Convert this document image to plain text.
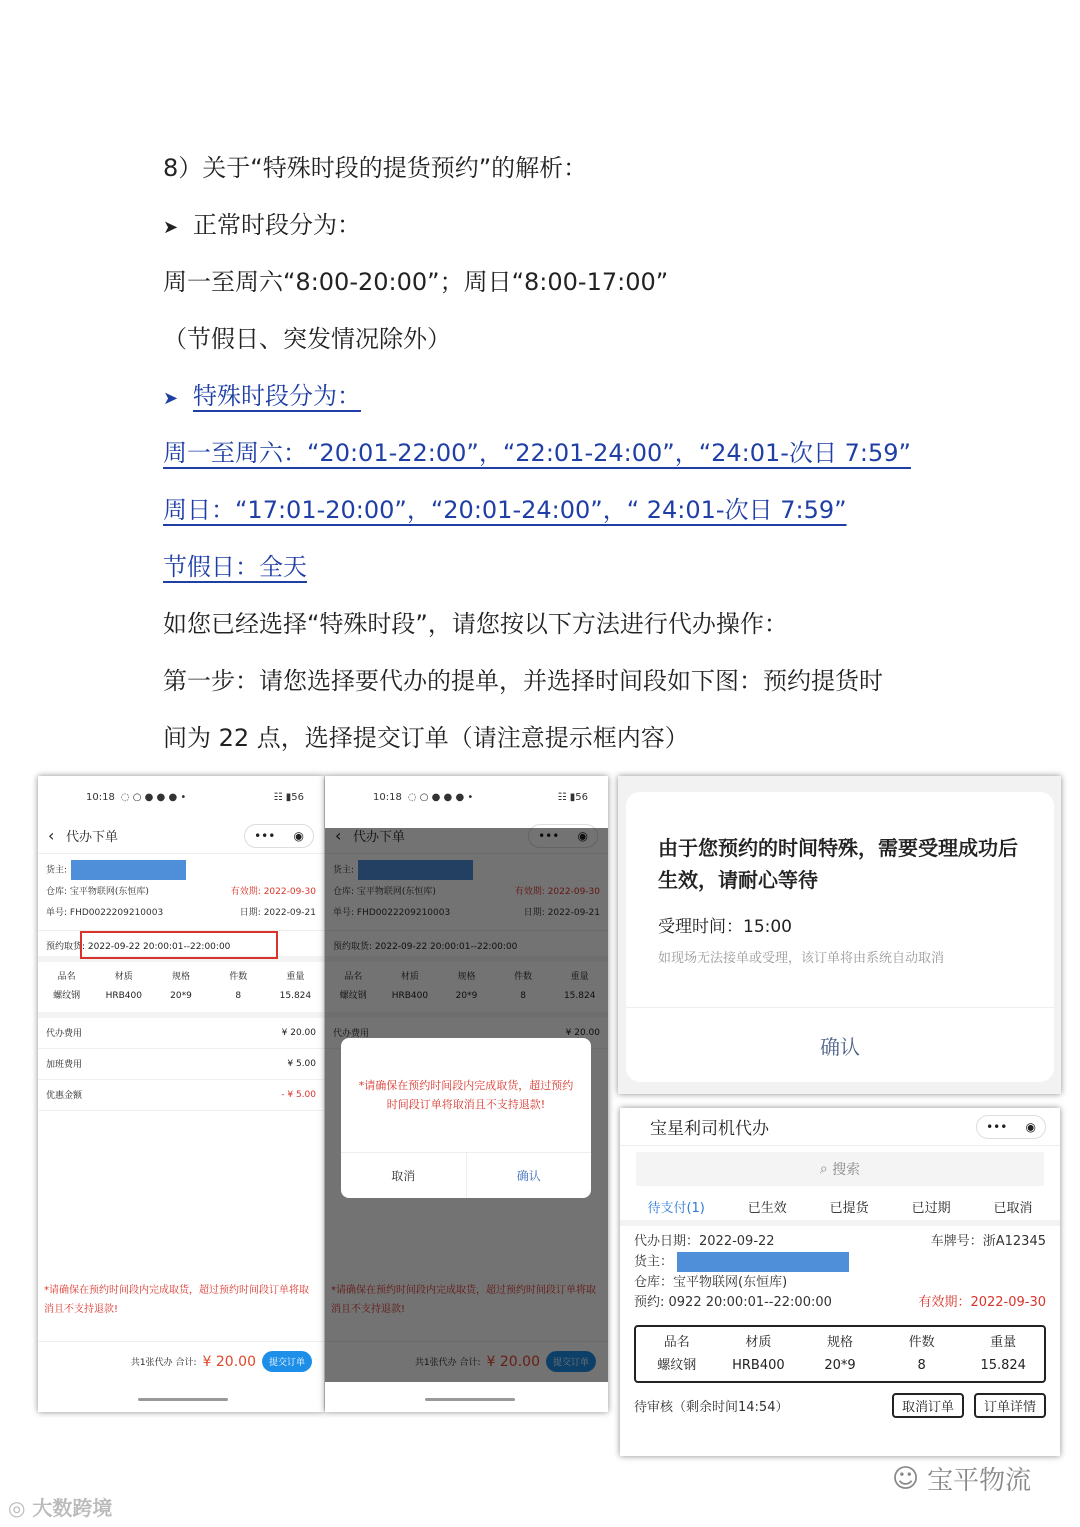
8）关于“特殊时段的提货预约”的解析：
➤ 正常时段分为：
周一至周六“8:00-20:00”；周日“8:00-17:00”
（节假日、突发情况除外）
➤ 特殊时段分为：
周一至周六：“20:01-22:00”，“22:01-24:00”，“24:01-次日 7:59”
周日：“17:01-20:00”，“20:01-24:00”，“ 24:01-次日 7:59”
节假日：全天
如您已经选择“特殊时段”，请您按以下方法进行代办操作：
第一步：请您选择要代办的提单，并选择时间段如下图：预约提货时
间为 22 点，选择提交订单（请注意提示框内容）
10:18 ◌ ○ ● ● ● •	☷ ▮56
‹ 代办下单	••• ◉
货主:
仓库: 宝平物联网(东恒库)	有效期: 2022-09-30
单号: FHD0022209210003	日期: 2022-09-21
预约取货: 2022-09-22 20:00:01--22:00:00
品名	材质	规格	件数	重量
螺纹钢	HRB400	20*9	8	15.824
代办费用	¥ 20.00
加班费用	¥ 5.00
优惠金额	- ¥ 5.00
*请确保在预约时间段内完成取货，超过预约时间段订单将取消且不支持退款!
共1张代办 合计: ¥ 20.00	提交订单
10:18 ◌ ○ ● ● ● •	☷ ▮56
*请确保在预约时间段内完成取货，超过预约时间段订单将取消且不支持退款!
取消	确认
由于您预约的时间特殊，需要受理成功后生效，请耐心等待
受理时间：15:00
如现场无法接单或受理，该订单将由系统自动取消
确认
宝星利司机代办	••• ◉
⌕ 搜索
待支付(1)	已生效	已提货	已过期	已取消
代办日期：2022-09-22	车牌号：浙A12345
货主：
仓库：宝平物联网(东恒库)
预约: 0922 20:00:01--22:00:00	有效期：2022-09-30
品名	材质	规格	件数	重量
螺纹钢	HRB400	20*9	8	15.824
待审核（剩余时间14:54）	取消订单	订单详情
◎ 大数跨境
☺ 宝平物流
